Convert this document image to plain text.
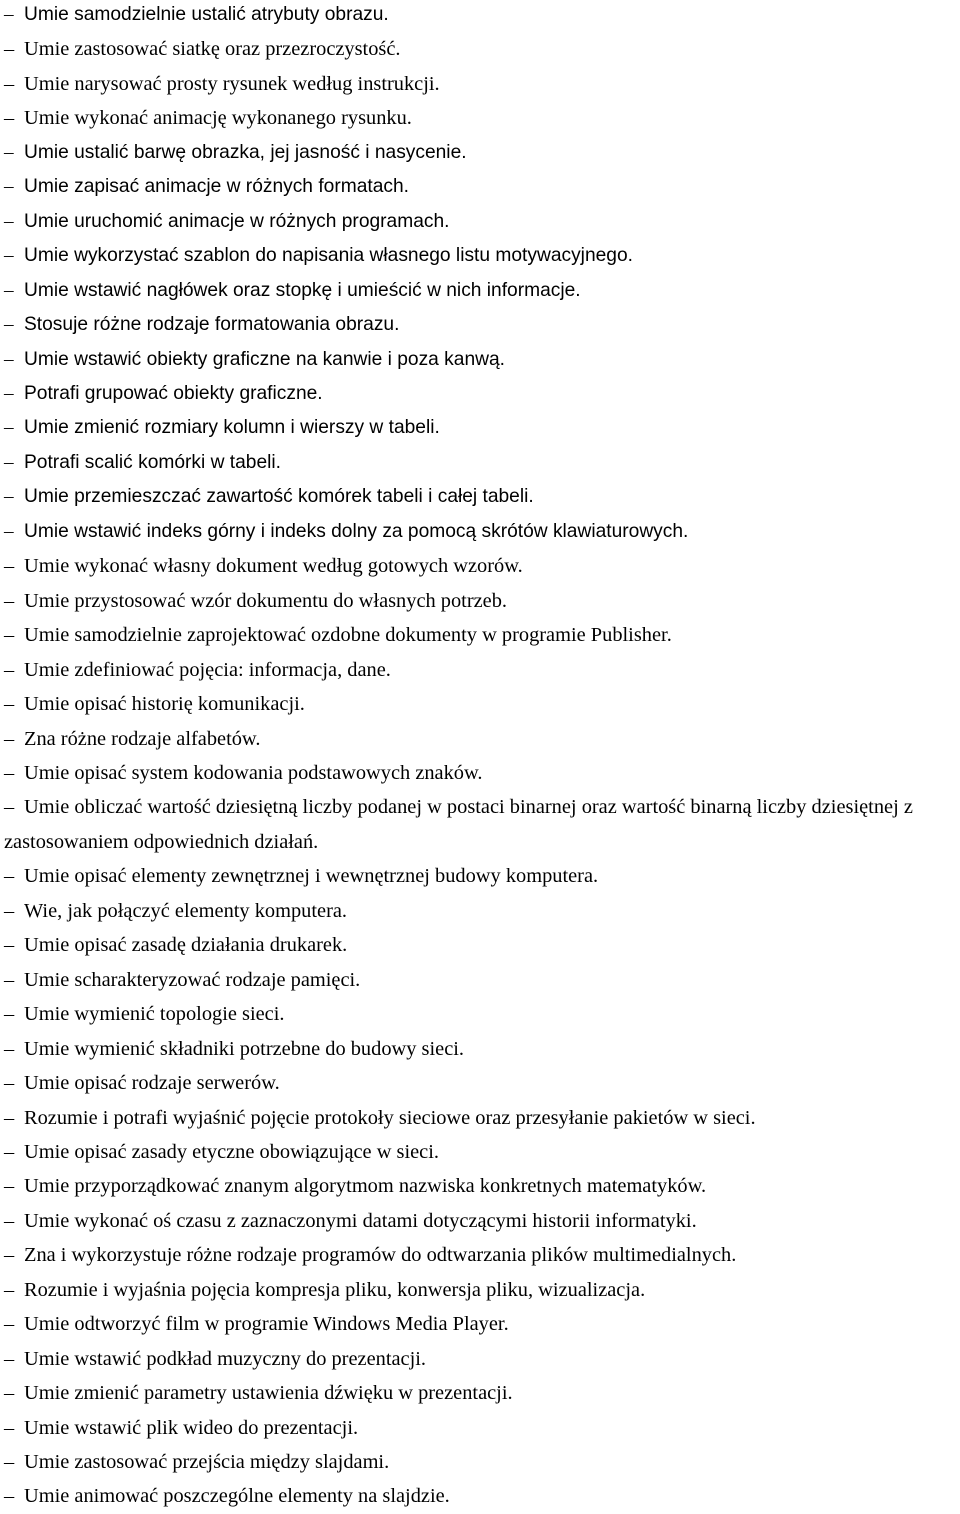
– Umie samodzielnie ustalić atrybuty obrazu.
– Umie zastosować siatkę oraz przezroczystość.
– Umie narysować prosty rysunek według instrukcji.
– Umie wykonać animację wykonanego rysunku.
– Umie ustalić barwę obrazka, jej jasność i nasycenie.
– Umie zapisać animacje w różnych formatach.
– Umie uruchomić animacje w różnych programach.
– Umie wykorzystać szablon do napisania własnego listu motywacyjnego.
– Umie wstawić nagłówek oraz stopkę i umieścić w nich informacje.
– Stosuje różne rodzaje formatowania obrazu.
– Umie wstawić obiekty graficzne na kanwie i poza kanwą.
– Potrafi grupować obiekty graficzne.
– Umie zmienić rozmiary kolumn i wierszy w tabeli.
– Potrafi scalić komórki w tabeli.
– Umie przemieszczać zawartość komórek tabeli i całej tabeli.
– Umie wstawić indeks górny i indeks dolny za pomocą skrótów klawiaturowych.
– Umie wykonać własny dokument według gotowych wzorów.
– Umie przystosować wzór dokumentu do własnych potrzeb.
– Umie samodzielnie zaprojektować ozdobne dokumenty w programie Publisher.
– Umie zdefiniować pojęcia: informacja, dane.
– Umie opisać historię komunikacji.
– Zna różne rodzaje alfabetów.
– Umie opisać system kodowania podstawowych znaków.
– Umie obliczać wartość dziesiętną liczby podanej w postaci binarnej oraz wartość binarną liczby dziesiętnej z zastosowaniem odpowiednich działań.
– Umie opisać elementy zewnętrznej i wewnętrznej budowy komputera.
– Wie, jak połączyć elementy komputera.
– Umie opisać zasadę działania drukarek.
– Umie scharakteryzować rodzaje pamięci.
– Umie wymienić topologie sieci.
– Umie wymienić składniki potrzebne do budowy sieci.
– Umie opisać rodzaje serwerów.
– Rozumie i potrafi wyjaśnić pojęcie protokoły sieciowe oraz przesyłanie pakietów w sieci.
– Umie opisać zasady etyczne obowiązujące w sieci.
– Umie przyporządkować znanym algorytmom nazwiska konkretnych matematyków.
– Umie wykonać oś czasu z zaznaczonymi datami dotyczącymi historii informatyki.
– Zna i wykorzystuje różne rodzaje programów do odtwarzania plików multimedialnych.
– Rozumie i wyjaśnia pojęcia kompresja pliku, konwersja pliku, wizualizacja.
– Umie odtworzyć film w programie Windows Media Player.
– Umie wstawić podkład muzyczny do prezentacji.
– Umie zmienić parametry ustawienia dźwięku w prezentacji.
– Umie wstawić plik wideo do prezentacji.
– Umie zastosować przejścia między slajdami.
– Umie animować poszczególne elementy na slajdzie.
